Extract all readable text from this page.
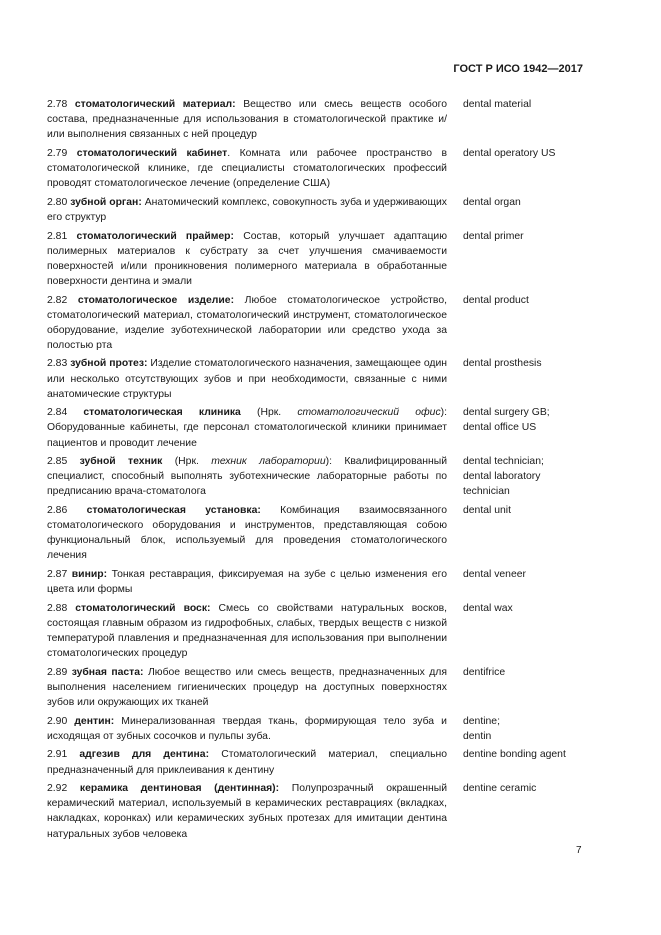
ГОСТ Р ИСО 1942—2017
2.78 стоматологический материал: Вещество или смесь веществ особого состава, предназначенные для использования в стоматологической практике и/или выполнения связанных с ней процедур
dental material
2.79 стоматологический кабинет. Комната или рабочее пространство в стоматологической клинике, где специалисты стоматологических профессий проводят стоматологическое лечение (определение США)
dental operatory US
2.80 зубной орган: Анатомический комплекс, совокупность зуба и удерживающих его структур
dental organ
2.81 стоматологический праймер: Состав, который улучшает адаптацию полимерных материалов к субстрату за счет улучшения смачиваемости поверхностей и/или проникновения полимерного материала в обработанные поверхности дентина и эмали
dental primer
2.82 стоматологическое изделие: Любое стоматологическое устройство, стоматологический материал, стоматологический инструмент, стоматологическое оборудование, изделие зуботехнической лаборатории или средство ухода за полостью рта
dental product
2.83 зубной протез: Изделие стоматологического назначения, замещающее один или несколько отсутствующих зубов и при необходимости, связанные с ними анатомические структуры
dental prosthesis
2.84 стоматологическая клиника (Нрк. стоматологический офис): Оборудованные кабинеты, где персонал стоматологической клиники принимает пациентов и проводит лечение
dental surgery GB;
dental office US
2.85 зубной техник (Нрк. техник лаборатории): Квалифицированный специалист, способный выполнять зуботехнические лабораторные работы по предписанию врача-стоматолога
dental technician;
dental laboratory
technician
2.86 стоматологическая установка: Комбинация взаимосвязанного стоматологического оборудования и инструментов, представляющая собою функциональный блок, используемый для проведения стоматологического лечения
dental unit
2.87 винир: Тонкая реставрация, фиксируемая на зубе с целью изменения его цвета или формы
dental veneer
2.88 стоматологический воск: Смесь со свойствами натуральных восков, состоящая главным образом из гидрофобных, слабых, твердых веществ с низкой температурой плавления и предназначенная для использования при выполнении стоматологических процедур
dental wax
2.89 зубная паста: Любое вещество или смесь веществ, предназначенных для выполнения населением гигиенических процедур на доступных поверхностях зубов или окружающих их тканей
dentifrice
2.90 дентин: Минерализованная твердая ткань, формирующая тело зуба и исходящая от зубных сосочков и пульпы зуба.
dentine;
dentin
2.91 адгезив для дентина: Стоматологический материал, специально предназначенный для приклеивания к дентину
dentine bonding agent
2.92 керамика дентиновая (дентинная): Полупрозрачный окрашенный керамический материал, используемый в керамических реставрациях (вкладках, накладках, коронках) или керамических зубных протезах для имитации дентина натуральных зубов человека
dentine ceramic
7
